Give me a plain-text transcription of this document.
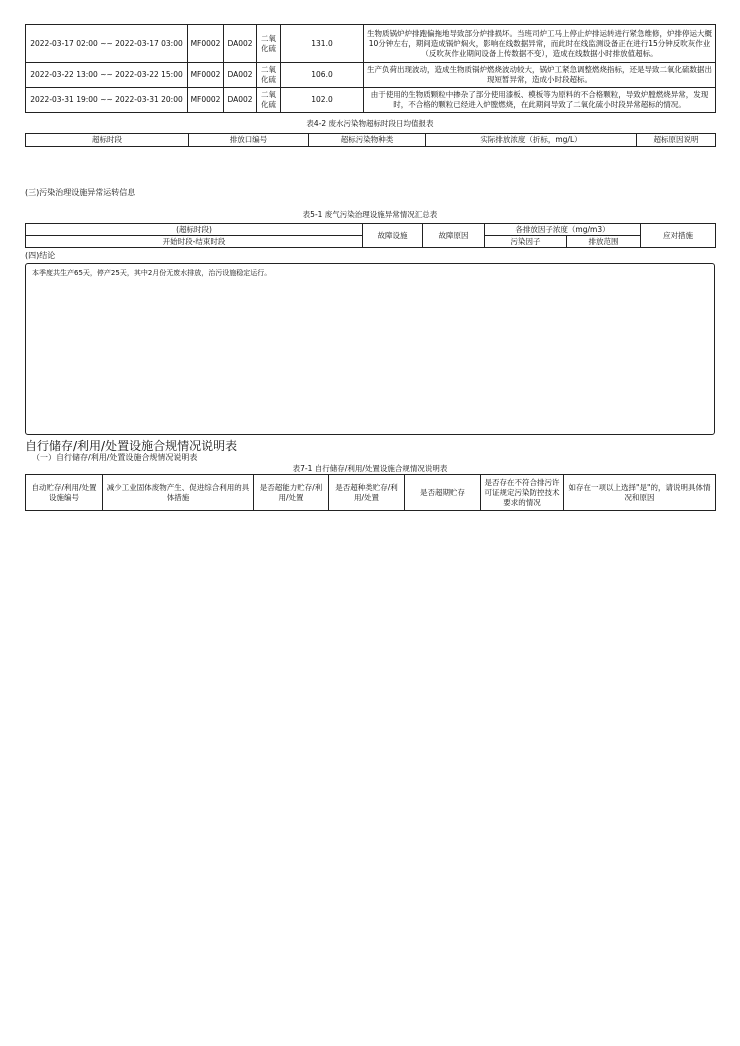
2022-03-17 02:00 ~~ 2022-03-17 03:00	MF0002	DA002	二氧化硫	131.0	生物质锅炉炉排跑偏拖地导致部分炉排损坏。当班司炉工马上停止炉排运转进行紧急维修，炉排停运大概10分钟左右，期间造成锅炉焖火，影响在线数据异常，而此时在线监测设备正在进行15分钟反吹灰作业（反吹灰作业期间设备上传数据不变），造成在线数据小时排放值超标。
2022-03-22 13:00 ~~ 2022-03-22 15:00	MF0002	DA002	二氧化硫	106.0	生产负荷出现波动，造成生物质锅炉燃烧波动较大，锅炉工紧急调整燃烧指标，还是导致二氧化硫数据出现短暂异常，造成小时段超标。
2022-03-31 19:00 ~~ 2022-03-31 20:00	MF0002	DA002	二氧化硫	102.0	由于使用的生物质颗粒中掺杂了部分使用漆板、模板等为原料的不合格颗粒，导致炉膛燃烧异常，发现时，不合格的颗粒已经进入炉膛燃烧，在此期间导致了二氧化硫小时段异常超标的情况。
表4-2 废水污染物超标时段日均值报表
超标时段	排放口编号	超标污染物种类	实际排放浓度（折标，mg/L）	超标原因说明
(三)污染治理设施异常运转信息
表5-1 废气污染治理设施异常情况汇总表
(超标时段)	故障设施	故障原因	各排放因子浓度（mg/m3）		应对措施
开始时段-结束时段			污染因子	排放范围	
(四)结论
本季度共生产65天，停产25天，其中2月份无废水排放，治污设施稳定运行。
自行储存/利用/处置设施合规情况说明表
（一）自行储存/利用/处置设施合规情况说明表
表7-1 自行储存/利用/处置设施合规情况说明表
自动贮存/利用/处置设施编号	减少工业固体废物产生、促进综合利用的具体措施	是否超能力贮存/利用/处置	是否超种类贮存/利用/处置	是否超期贮存	是否存在不符合排污许可证规定污染防控技术要求的情况	如存在一项以上选择"是"的，请说明具体情况和原因
